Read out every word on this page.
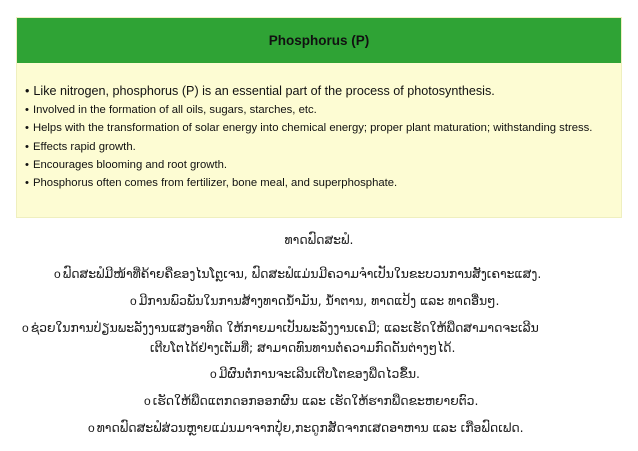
Phosphorus (P)
• Like nitrogen, phosphorus (P) is an essential part of the process of photosynthesis.
• Involved in the formation of all oils, sugars, starches, etc.
• Helps with the transformation of solar energy into chemical energy; proper plant maturation; withstanding stress.
• Effects rapid growth.
• Encourages blooming and root growth.
• Phosphorus often comes from fertilizer, bone meal, and superphosphate.
ທາດຟົດສະຟໍ.
o ຟົດສະຟໍມີໜ້າທີ່ຄ້າຍຄືຂອງໄນໂຕຼເຈນ, ຟົດສະຟໍແມ່ນມີຄວາມຈຳເປັນໃນຂະບວນການສັງເຄາະແສງ.
o ມີການພົວພັນໃນການສ້າງທາດນໍ້າມັນ, ນໍ້າຕານ, ທາດແປ້ງ ແລະ ທາດອື່ນໆ.
o ຊ່ວຍໃນການປ່ຽນພະລັງງານແສງອາທິດ ໃຫ້ກາຍມາເປັນພະລັງງານເຄມີ; ແລະເຮັດໃຫ້ພືດສາມາດຈະເລີນ
ເຕີບໂຕໄດ້ຢ່າງເຕັມທີ່; ສາມາດທົນທານຕໍ່ຄວາມກົດດັນຕ່າງໆໄດ້.
o ມີຜົນຕໍ່ການຈະເລີນເຕີບໂຕຂອງພືດໄວຂຶ້ນ.
o ເຮັດໃຫ້ພືດແຕກດອກອອກຜົນ ແລະ ເຮັດໃຫ້ຮາກພືດຂະຫຍາຍຕົວ.
o ທາດຟົດສະຟໍສ່ວນຫຼາຍແມ່ນມາຈາກປຸ໋ຍ,ກະດູກສັດຈາກເສດອາຫານ ແລະ ເກືອຟົດເຟດ.
